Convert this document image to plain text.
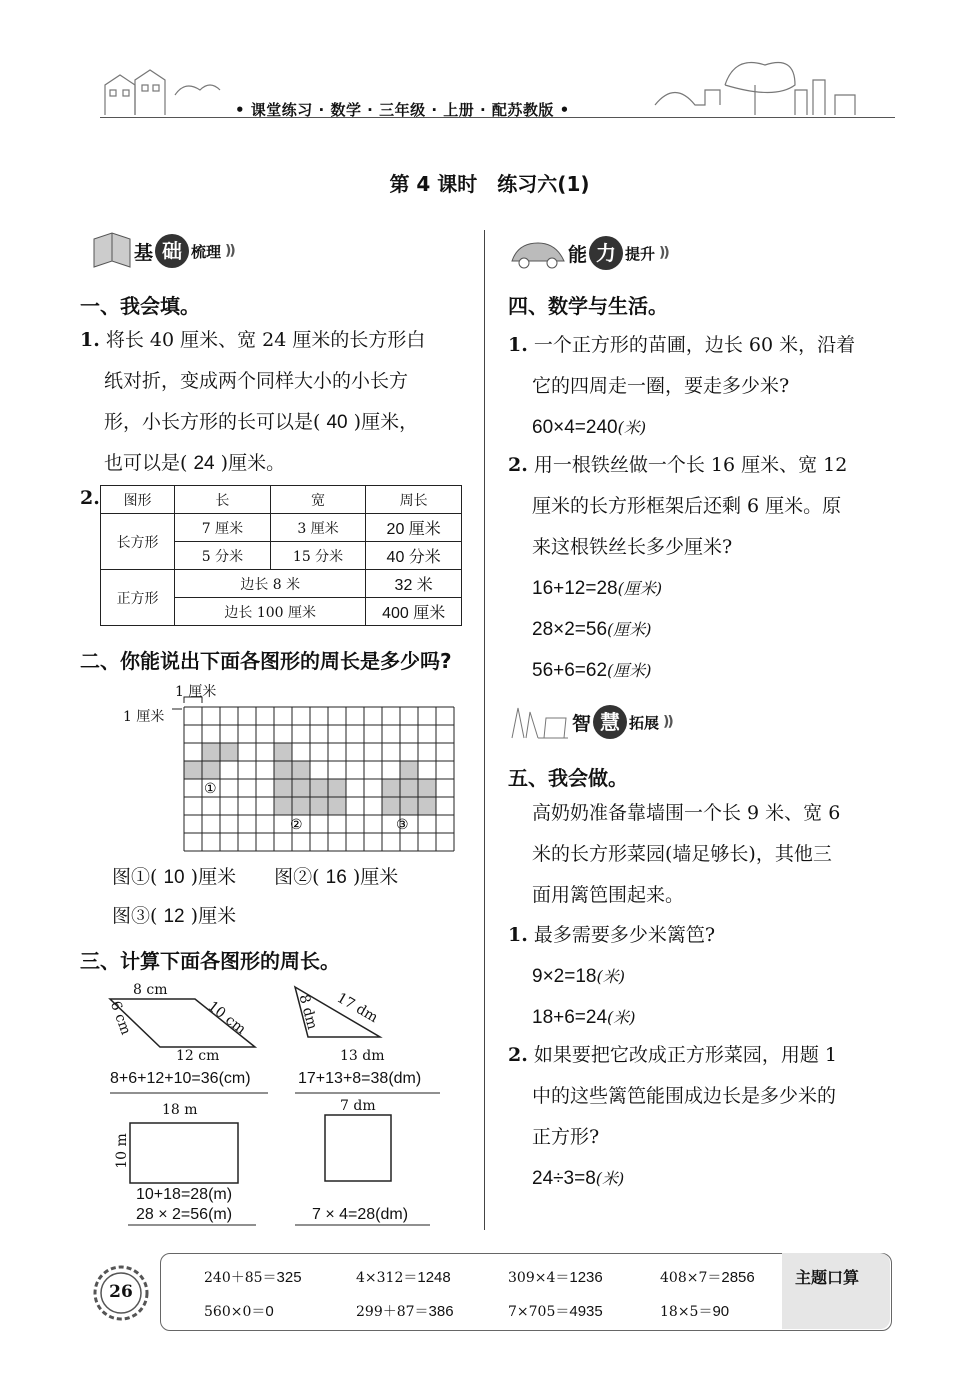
• 课堂练习 · 数学 · 三年级 · 上册 · 配苏教版 •
第 4 课时　练习六(1)
基 础 梳理 ))
一、我会填。
1. 将长 40 厘米、宽 24 厘米的长方形白
纸对折，变成两个同样大小的小长方
形，小长方形的长可以是( 40 )厘米，
也可以是( 24 )厘米。
2. 图形	长	宽	周长
长方形	7 厘米	3 厘米	20 厘米
	5 分米	15 分米	40 分米
正方形	边长 8 米		32 米
	边长 100 厘米		400 厘米
二、你能说出下面各图形的周长是多少吗?
1 厘米
1 厘米
①
②	③
图①( 10 )厘米 图②( 16 )厘米
图③( 12 )厘米
三、计算下面各图形的周长。
8 cm
6 cm	10 cm
12 cm
8+6+12+10=36(cm)
8 dm 17 dm
13 dm
17+13+8=38(dm)
18 m
10 m
10+18=28(m)
28 × 2=56(m)
7 dm
7 × 4=28(dm)
能 力 提升 ))
四、数学与生活。
1. 一个正方形的苗圃，边长 60 米，沿着
它的四周走一圈，要走多少米?
60×4=240(米)
2. 用一根铁丝做一个长 16 厘米、宽 12
厘米的长方形框架后还剩 6 厘米。原
来这根铁丝长多少厘米?
16+12=28(厘米)
28×2=56(厘米)
56+6=62(厘米)
智 慧 拓展 ))
五、我会做。
高奶奶准备靠墙围一个长 9 米、宽 6
米的长方形菜园(墙足够长)，其他三
面用篱笆围起来。
1. 最多需要多少米篱笆?
9×2=18(米)
18+6=24(米)
2. 如果要把它改成正方形菜园，用题 1
中的这些篱笆能围成边长是多少米的
正方形?
24÷3=8(米)
26
主题口算
240＋85＝325	4×312＝1248	309×4＝1236	408×7＝2856
560×0＝0	299＋87＝386	7×705＝4935	18×5＝90
